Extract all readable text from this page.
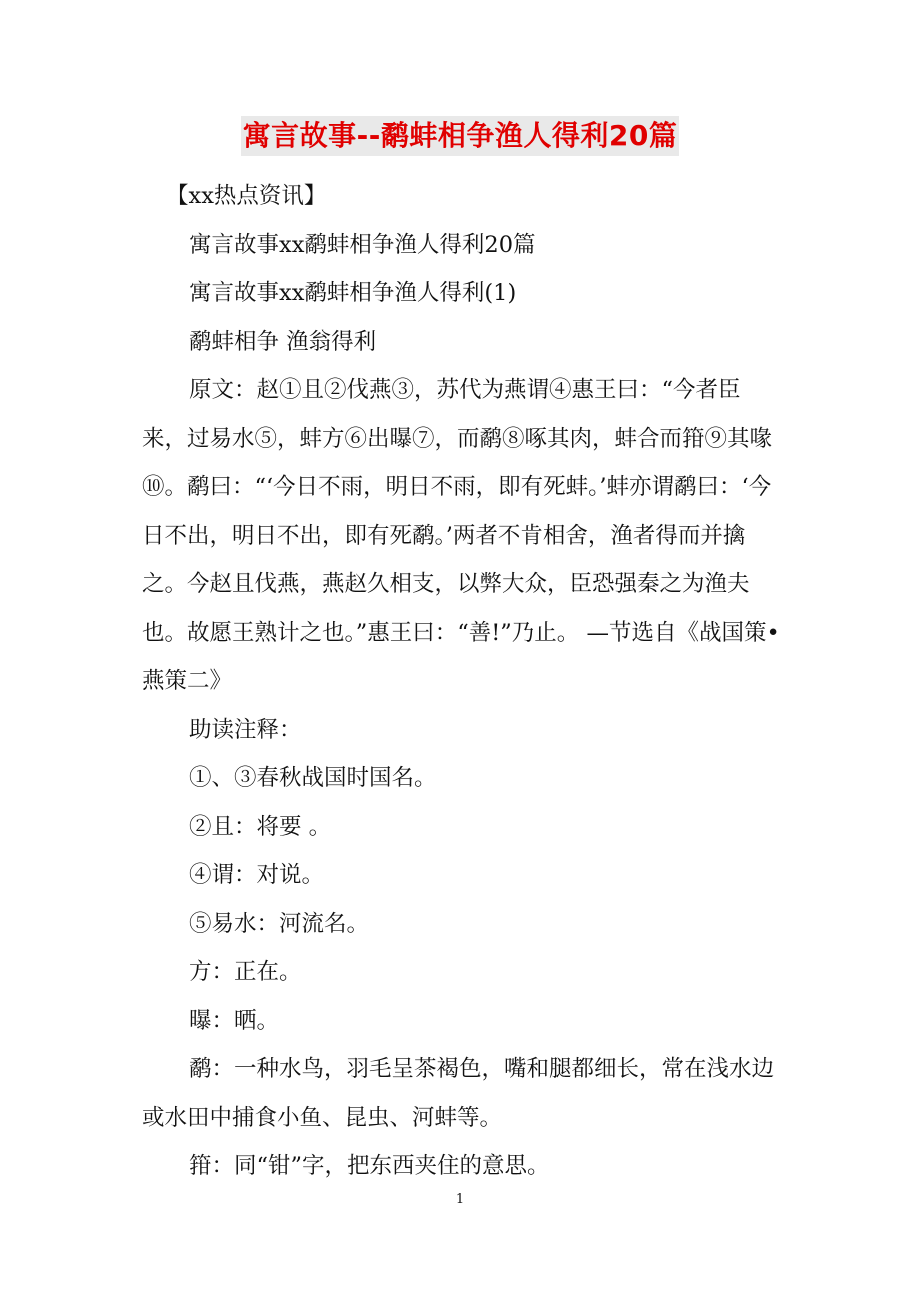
寓言故事--鹬蚌相争渔人得利20篇

【xx热点资讯】

寓言故事xx鹬蚌相争渔人得利20篇

寓言故事xx鹬蚌相争渔人得利(1)

鹬蚌相争 渔翁得利

原文：赵①且②伐燕③，苏代为燕谓④惠王曰：“今者臣来，过易水⑤，蚌方⑥出曝⑦，而鹬⑧啄其肉，蚌合而箝⑨其喙⑩。鹬曰：“‘今日不雨，明日不雨，即有死蚌。’蚌亦谓鹬曰：‘今日不出，明日不出，即有死鹬。’两者不肯相舍，渔者得而并擒之。今赵且伐燕，燕赵久相支，以弊大众，臣恐强秦之为渔夫也。故愿王熟计之也。”惠王曰：“善!”乃止。 —节选自《战国策•燕策二》

助读注释：

①、③春秋战国时国名。

②且：将要 。

④谓：对说。

⑤易水：河流名。

方：正在。

曝：晒。

鹬：一种水鸟，羽毛呈茶褐色，嘴和腿都细长，常在浅水边或水田中捕食小鱼、昆虫、河蚌等。

箝：同“钳”字，把东西夹住的意思。

1
